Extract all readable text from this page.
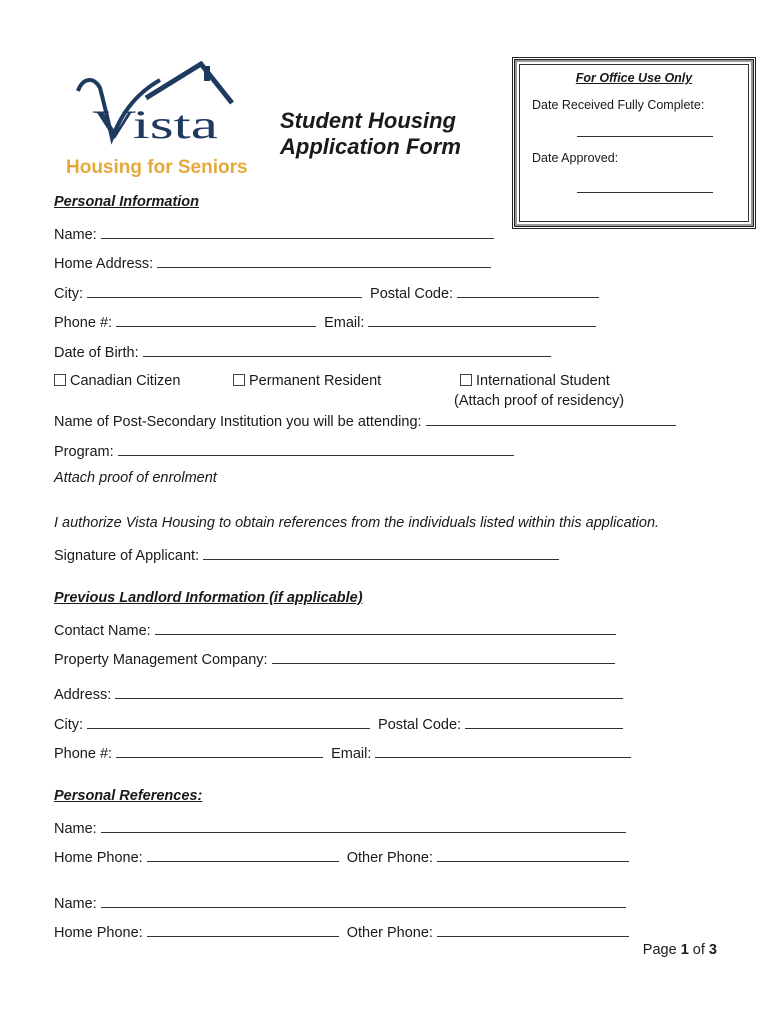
Vista
Housing for Seniors
Student Housing
Application Form
For Office Use Only
Date Received Fully Complete:
Date Approved:
Personal Information
Name:
Home Address:
City:	Postal Code:
Phone #:	Email:
Date of Birth:
Canadian Citizen	Permanent Resident	International Student
(Attach proof of residency)
Name of Post-Secondary Institution you will be attending:
Program:
Attach proof of enrolment
I authorize Vista Housing to obtain references from the individuals listed within this application.
Signature of Applicant:
Previous Landlord Information (if applicable)
Contact Name:
Property Management Company:
Address:
City:	Postal Code:
Phone #:	Email:
Personal References:
Name:
Home Phone:	Other Phone:
Name:
Home Phone:	Other Phone:
Page 1 of 3
